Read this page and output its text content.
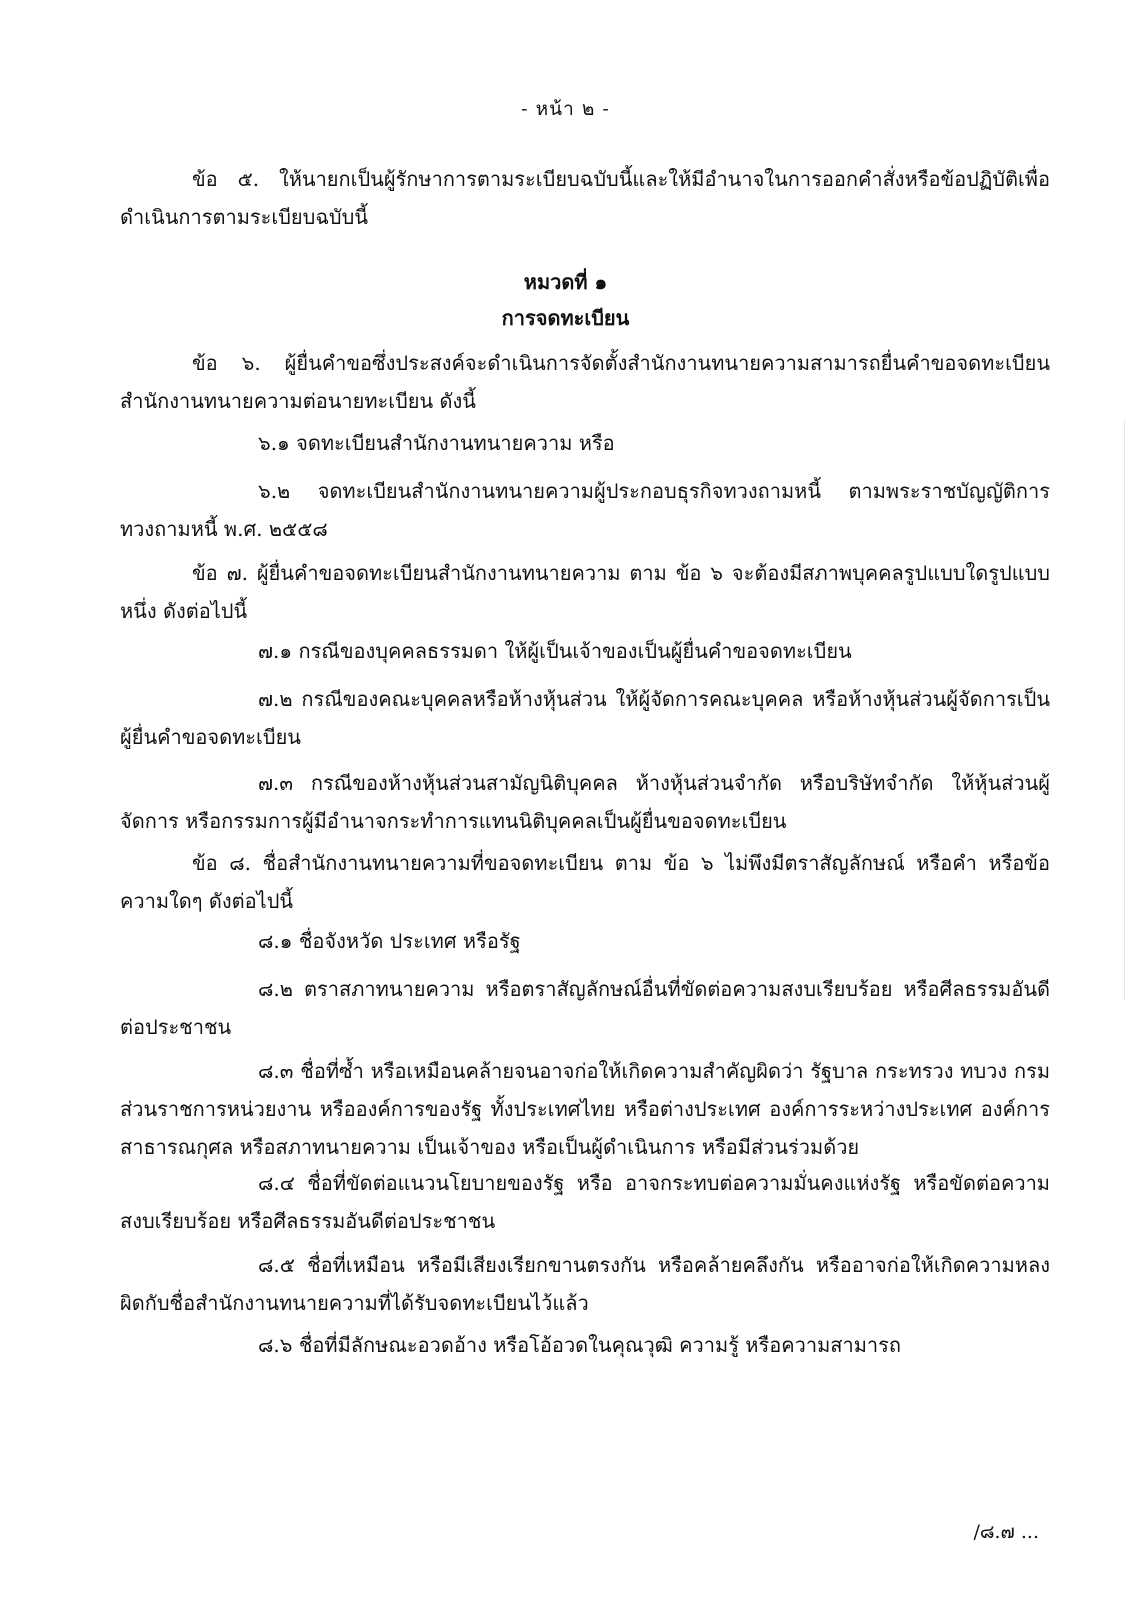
- หน้า ๒ -

ข้อ ๕. ให้นายกเป็นผู้รักษาการตามระเบียบฉบับนี้และให้มีอำนาจในการออกคำสั่งหรือข้อปฏิบัติเพื่อดำเนินการตามระเบียบฉบับนี้

หมวดที่ ๑
การจดทะเบียน

ข้อ ๖. ผู้ยื่นคำขอซึ่งประสงค์จะดำเนินการจัดตั้งสำนักงานทนายความสามารถยื่นคำขอจดทะเบียนสำนักงานทนายความต่อนายทะเบียน ดังนี้

๖.๑ จดทะเบียนสำนักงานทนายความ หรือ

๖.๒ จดทะเบียนสำนักงานทนายความผู้ประกอบธุรกิจทวงถามหนี้ ตามพระราชบัญญัติการทวงถามหนี้ พ.ศ. ๒๕๕๘

ข้อ ๗. ผู้ยื่นคำขอจดทะเบียนสำนักงานทนายความ ตาม ข้อ ๖ จะต้องมีสภาพบุคคลรูปแบบใดรูปแบบหนึ่ง ดังต่อไปนี้

๗.๑ กรณีของบุคคลธรรมดา ให้ผู้เป็นเจ้าของเป็นผู้ยื่นคำขอจดทะเบียน

๗.๒ กรณีของคณะบุคคลหรือห้างหุ้นส่วน ให้ผู้จัดการคณะบุคคล หรือห้างหุ้นส่วนผู้จัดการเป็นผู้ยื่นคำขอจดทะเบียน

๗.๓ กรณีของห้างหุ้นส่วนสามัญนิติบุคคล ห้างหุ้นส่วนจำกัด หรือบริษัทจำกัด ให้หุ้นส่วนผู้จัดการ หรือกรรมการผู้มีอำนาจกระทำการแทนนิติบุคคลเป็นผู้ยื่นขอจดทะเบียน

ข้อ ๘. ชื่อสำนักงานทนายความที่ขอจดทะเบียน ตาม ข้อ ๖ ไม่พึงมีตราสัญลักษณ์ หรือคำ หรือข้อความใดๆ ดังต่อไปนี้

๘.๑ ชื่อจังหวัด ประเทศ หรือรัฐ

๘.๒ ตราสภาทนายความ หรือตราสัญลักษณ์อื่นที่ขัดต่อความสงบเรียบร้อย หรือศีลธรรมอันดีต่อประชาชน

๘.๓ ชื่อที่ซ้ำ หรือเหมือนคล้ายจนอาจก่อให้เกิดความสำคัญผิดว่า รัฐบาล กระทรวง ทบวง กรม ส่วนราชการหน่วยงาน หรือองค์การของรัฐ ทั้งประเทศไทย หรือต่างประเทศ องค์การระหว่างประเทศ องค์การสาธารณกุศล หรือสภาทนายความ เป็นเจ้าของ หรือเป็นผู้ดำเนินการ หรือมีส่วนร่วมด้วย

๘.๔ ชื่อที่ขัดต่อแนวนโยบายของรัฐ หรือ อาจกระทบต่อความมั่นคงแห่งรัฐ หรือขัดต่อความสงบเรียบร้อย หรือศีลธรรมอันดีต่อประชาชน

๘.๕ ชื่อที่เหมือน หรือมีเสียงเรียกขานตรงกัน หรือคล้ายคลึงกัน หรืออาจก่อให้เกิดความหลงผิดกับชื่อสำนักงานทนายความที่ได้รับจดทะเบียนไว้แล้ว

๘.๖ ชื่อที่มีลักษณะอวดอ้าง หรือโอ้อวดในคุณวุฒิ ความรู้ หรือความสามารถ

/๘.๗ ...
